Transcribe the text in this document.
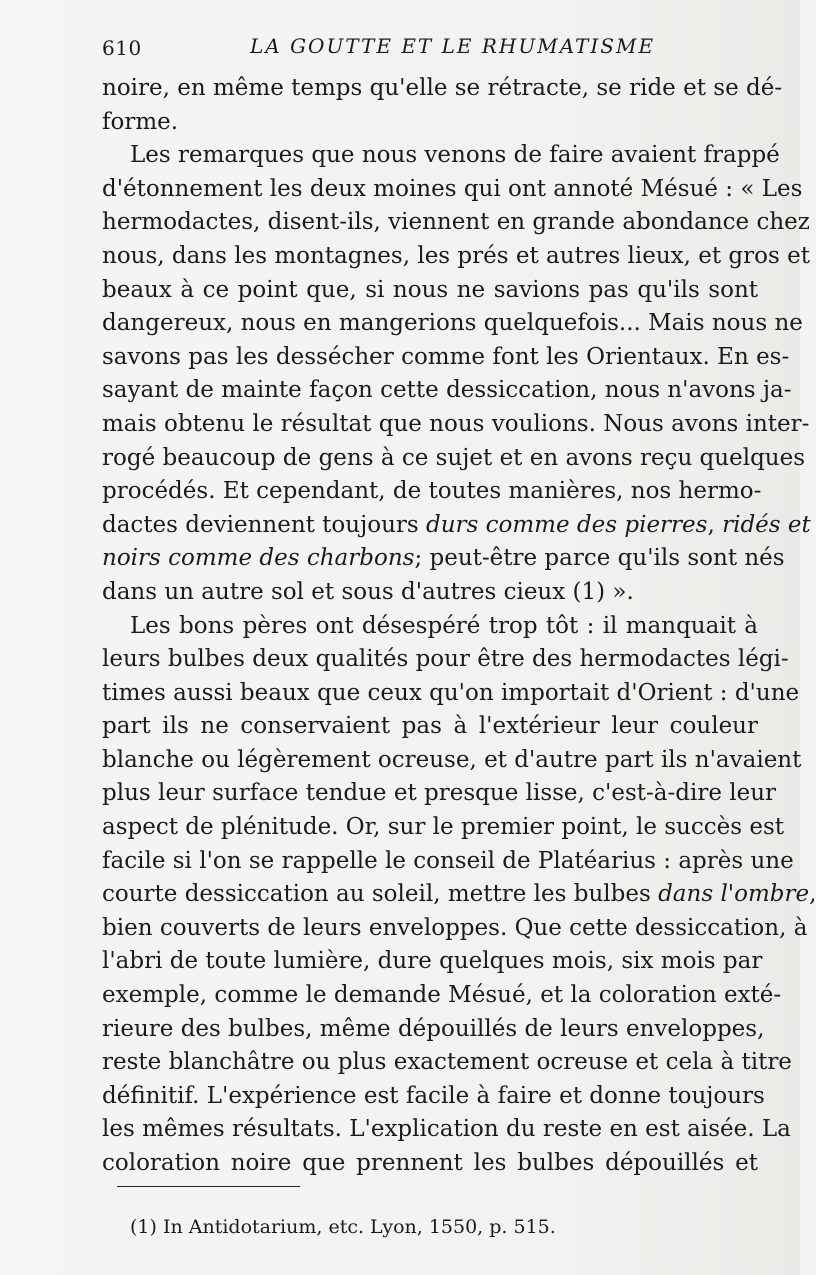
610	LA GOUTTE ET LE RHUMATISME
noire, en même temps qu'elle se rétracte, se ride et se dé-
forme.
Les remarques que nous venons de faire avaient frappé
d'étonnement les deux moines qui ont annoté Mésué : « Les
hermodactes, disent-ils, viennent en grande abondance chez
nous, dans les montagnes, les prés et autres lieux, et gros et
beaux à ce point que, si nous ne savions pas qu'ils sont
dangereux, nous en mangerions quelquefois... Mais nous ne
savons pas les dessécher comme font les Orientaux. En es-
sayant de mainte façon cette dessiccation, nous n'avons ja-
mais obtenu le résultat que nous voulions. Nous avons inter-
rogé beaucoup de gens à ce sujet et en avons reçu quelques
procédés. Et cependant, de toutes manières, nos hermo-
dactes deviennent toujours durs comme des pierres, ridés et
noirs comme des charbons; peut-être parce qu'ils sont nés
dans un autre sol et sous d'autres cieux (1) ».
Les bons pères ont désespéré trop tôt : il manquait à
leurs bulbes deux qualités pour être des hermodactes légi-
times aussi beaux que ceux qu'on importait d'Orient : d'une
part ils ne conservaient pas à l'extérieur leur couleur
blanche ou légèrement ocreuse, et d'autre part ils n'avaient
plus leur surface tendue et presque lisse, c'est-à-dire leur
aspect de plénitude. Or, sur le premier point, le succès est
facile si l'on se rappelle le conseil de Platéarius : après une
courte dessiccation au soleil, mettre les bulbes dans l'ombre,
bien couverts de leurs enveloppes. Que cette dessiccation, à
l'abri de toute lumière, dure quelques mois, six mois par
exemple, comme le demande Mésué, et la coloration exté-
rieure des bulbes, même dépouillés de leurs enveloppes,
reste blanchâtre ou plus exactement ocreuse et cela à titre
définitif. L'expérience est facile à faire et donne toujours
les mêmes résultats. L'explication du reste en est aisée. La
coloration noire que prennent les bulbes dépouillés et
(1) In Antidotarium, etc. Lyon, 1550, p. 515.
